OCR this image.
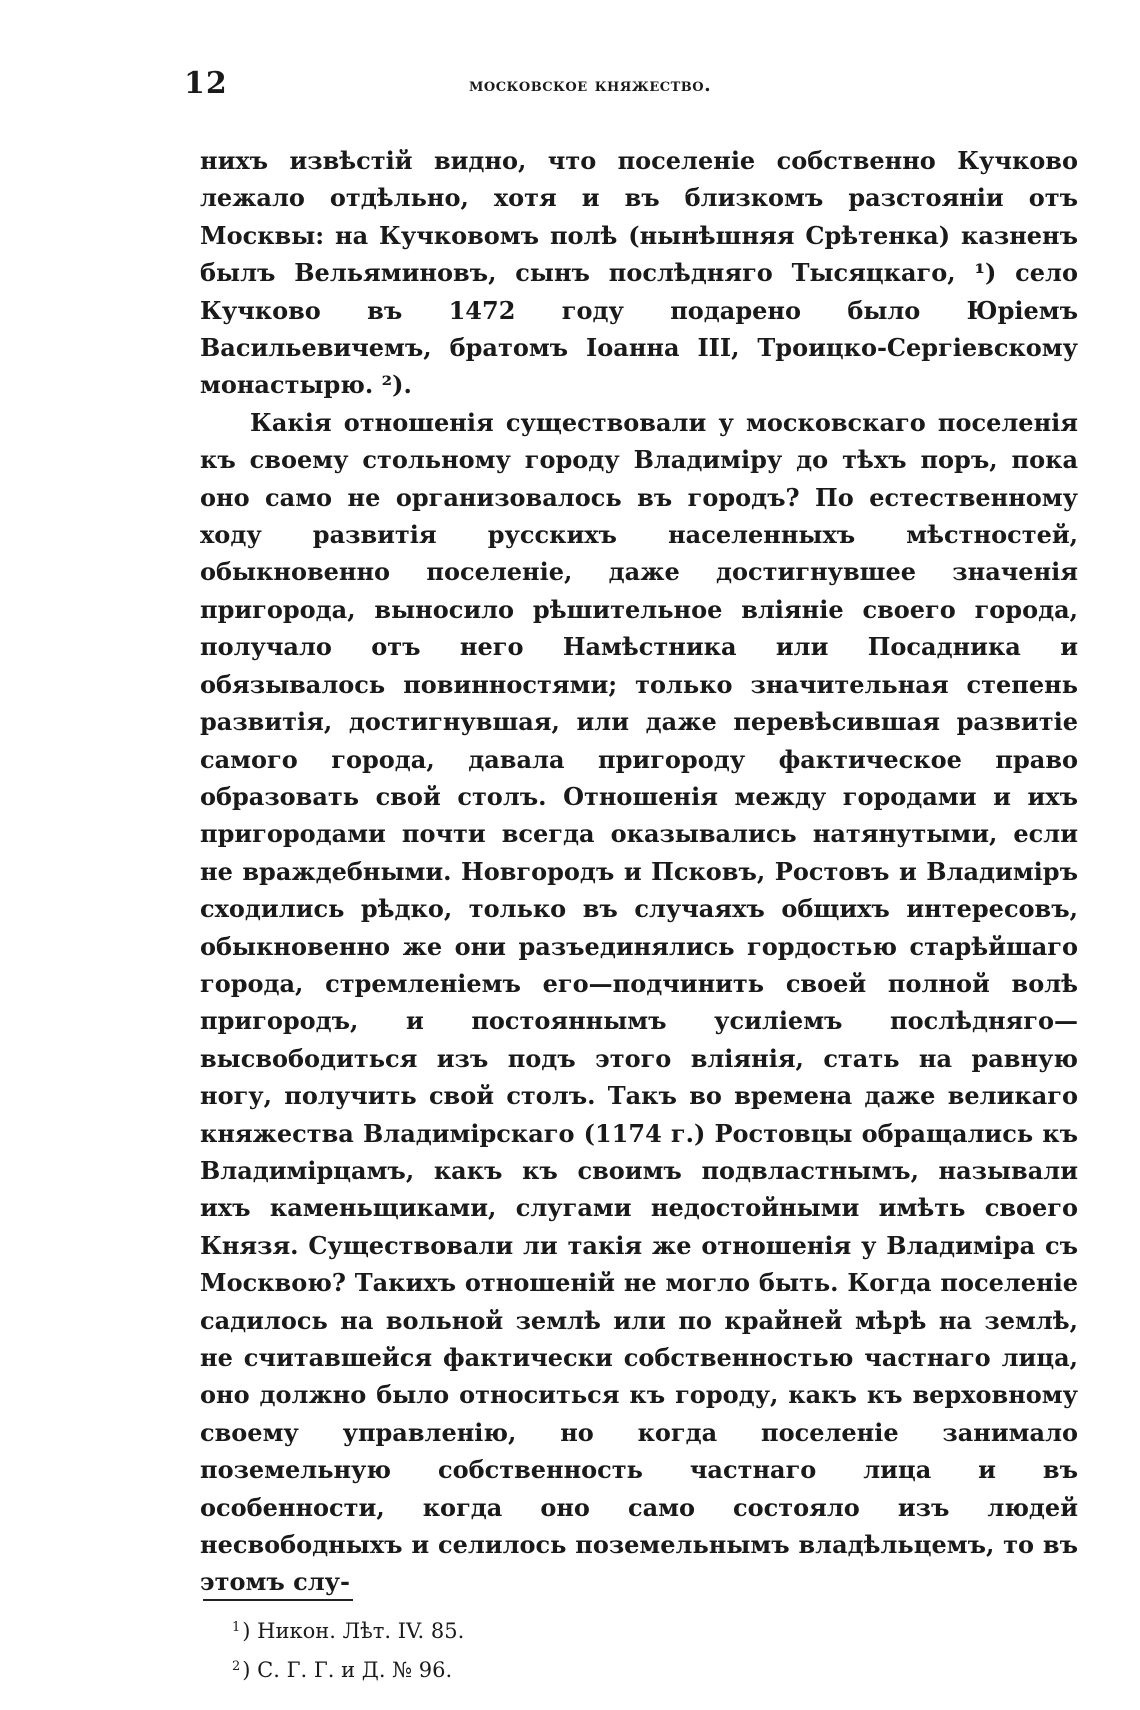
12	московское княжество.

нихъ извѣстій видно, что поселеніе собственно Кучково лежало отдѣльно, хотя и въ близкомъ разстояніи отъ Москвы: на Кучковомъ полѣ (нынѣшняя Срѣтенка) казненъ былъ Вельяминовъ, сынъ послѣдняго Тысяцкаго, ¹) село Кучково въ 1472 году подарено было Юріемъ Васильевичемъ, братомъ Іоанна III, Троицко-Сергіевскому монастырю. ²).

Какія отношенія существовали у московскаго поселенія къ своему стольному городу Владиміру до тѣхъ поръ, пока оно само не организовалось въ городъ? По естественному ходу развитія русскихъ населенныхъ мѣстностей, обыкновенно поселеніе, даже достигнувшее значенія пригорода, выносило рѣшительное вліяніе своего города, получало отъ него Намѣстника или Посадника и обязывалось повинностями; только значительная степень развитія, достигнувшая, или даже перевѣсившая развитіе самого города, давала пригороду фактическое право образовать свой столъ. Отношенія между городами и ихъ пригородами почти всегда оказывались натянутыми, если не враждебными. Новгородъ и Псковъ, Ростовъ и Владиміръ сходились рѣдко, только въ случаяхъ общихъ интересовъ, обыкновенно же они разъединялись гордостью старѣйшаго города, стремленіемъ его—подчинить своей полной волѣ пригородъ, и постояннымъ усиліемъ послѣдняго—высвободиться изъ подъ этого вліянія, стать на равную ногу, получить свой столъ. Такъ во времена даже великаго княжества Владимірскаго (1174 г.) Ростовцы обращались къ Владимірцамъ, какъ къ своимъ подвластнымъ, называли ихъ каменьщиками, слугами недостойными имѣть своего Князя. Существовали ли такія же отношенія у Владиміра съ Москвою? Такихъ отношеній не могло быть. Когда поселеніе садилось на вольной землѣ или по крайней мѣрѣ на землѣ, не считавшейся фактически собственностью частнаго лица, оно должно было относиться къ городу, какъ къ верховному своему управленію, но когда поселеніе занимало поземельную собственность частнаго лица и въ особенности, когда оно само состояло изъ людей несвободныхъ и селилось поземельнымъ владѣльцемъ, то въ этомъ слу-

$^1$) Никон. Лѣт. IV. 85.
$^2$) С. Г. Г. и Д. № 96.
